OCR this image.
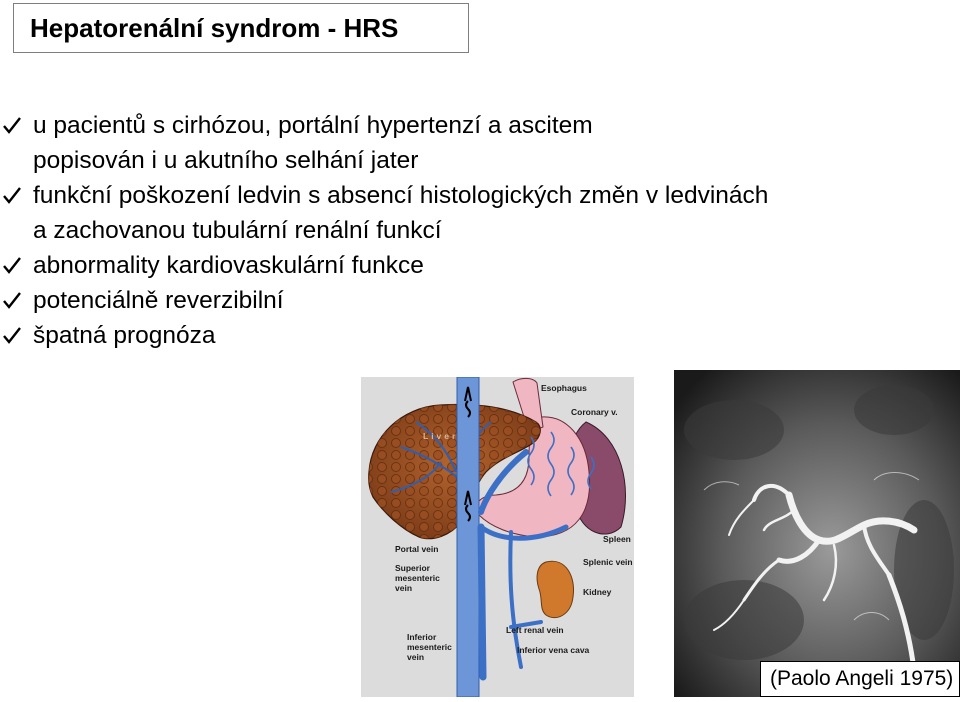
Hepatorenální syndrom - HRS
u pacientů s cirhózou, portální hypertenzí a ascitem
popisován i u akutního selhání jater
funkční poškození ledvin s absencí histologických změn v ledvinách
a zachovanou tubulární renální funkcí
abnormality kardiovaskulární funkce
potenciálně reverzibilní
špatná prognóza
Liver
Esophagus
Coronary v.
Spleen
Portal vein
Superior
mesenteric
vein
Splenic vein
Kidney
Left renal vein
Inferior
mesenteric
vein
Inferior vena cava
(Paolo Angeli 1975)
